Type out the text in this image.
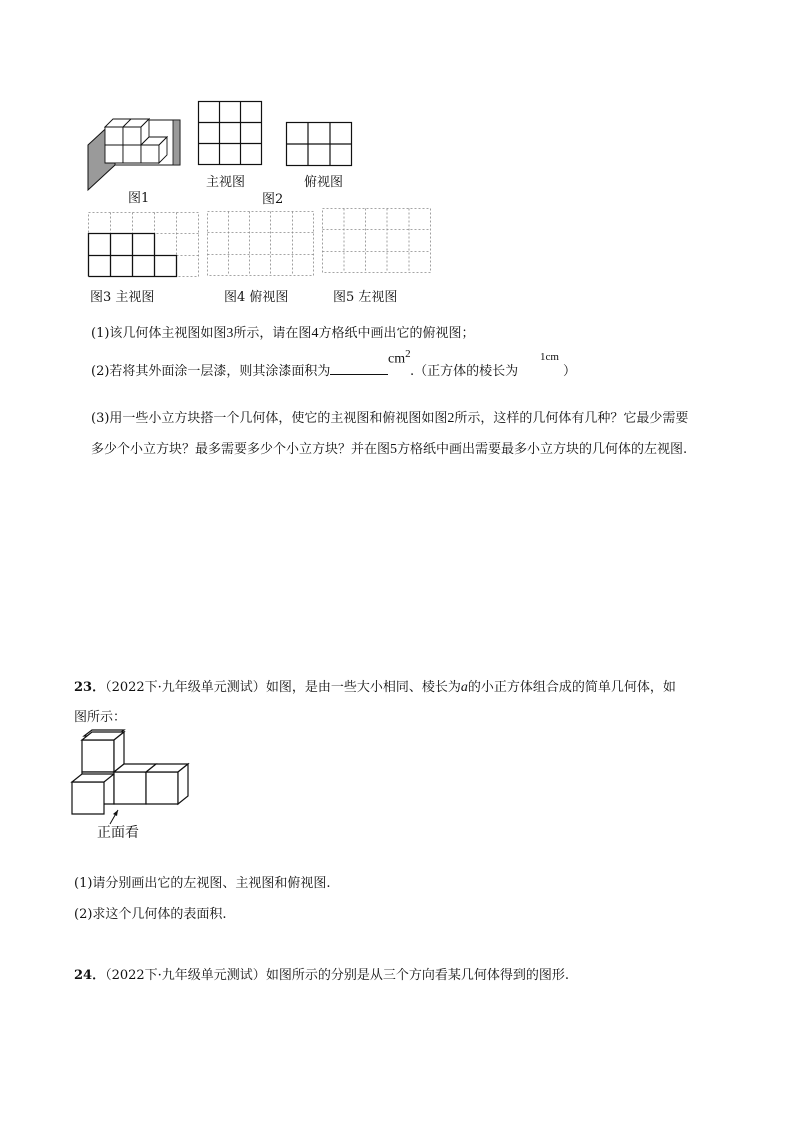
图1
主视图	俯视图
图2
图3 主视图	图4 俯视图	图5 左视图
(1)该几何体主视图如图3所示，请在图4方格纸中画出它的俯视图；
(2)若将其外面涂一层漆，则其涂漆面积为
$cm^2$
.（正方体的棱长为
1cm
）
(3)用一些小立方块搭一个几何体，使它的主视图和俯视图如图2所示，这样的几何体有几种？它最少需要
多少个小立方块？最多需要多少个小立方块？并在图5方格纸中画出需要最多小立方块的几何体的左视图.
23．（2022下·九年级单元测试）如图，是由一些大小相同、棱长为a的小正方体组合成的简单几何体，如
图所示：
正面看
(1)请分别画出它的左视图、主视图和俯视图.
(2)求这个几何体的表面积.
24．（2022下·九年级单元测试）如图所示的分别是从三个方向看某几何体得到的图形.
